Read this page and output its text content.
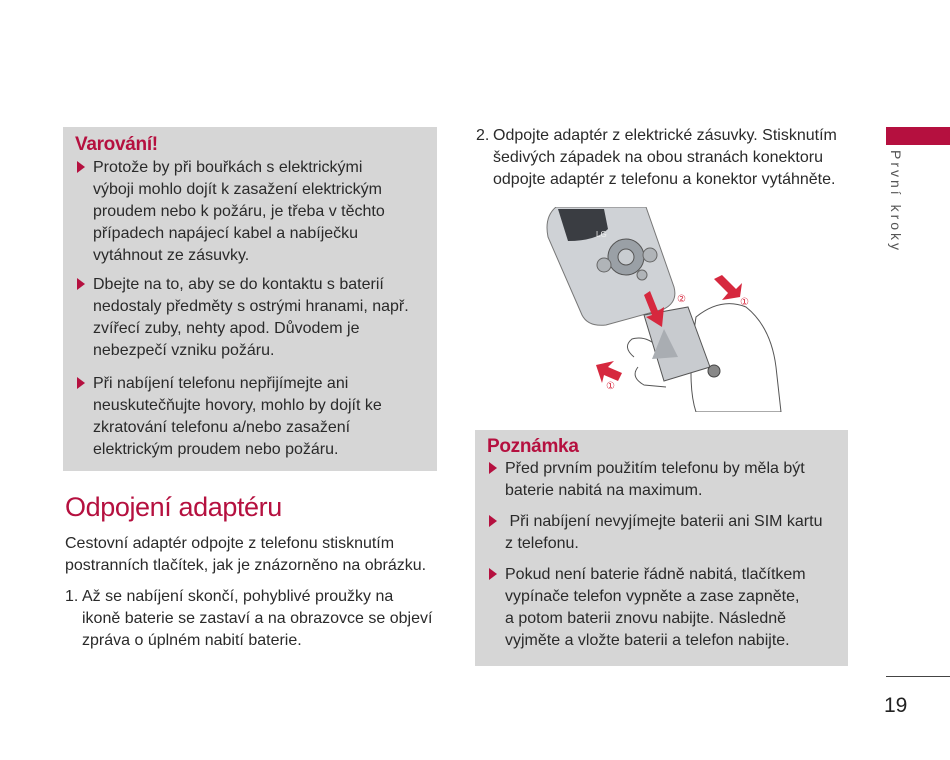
Varování!
Protože by při bouřkách s elektrickými
výboji mohlo dojít k zasažení elektrickým
proudem nebo k požáru, je třeba v těchto
případech napájecí kabel a nabíječku
vytáhnout ze zásuvky.
Dbejte na to, aby se do kontaktu s baterií
nedostaly předměty s ostrými hranami, např.
zvířecí zuby, nehty apod. Důvodem je
nebezpečí vzniku požáru.
Při nabíjení telefonu nepřijímejte ani
neuskutečňujte hovory, mohlo by dojít ke
zkratování telefonu a/nebo zasažení
elektrickým proudem nebo požáru.
Odpojení adaptéru
Cestovní adaptér odpojte z telefonu stisknutím
postranních tlačítek, jak je znázorněno na obrázku.
1. Až se nabíjení skončí, pohyblivé proužky na
ikoně baterie se zastaví a na obrazovce se objeví
zpráva o úplném nabití baterie.
2. Odpojte adaptér z elektrické zásuvky. Stisknutím
šedivých západek na obou stranách konektoru
odpojte adaptér z telefonu a konektor vytáhněte.
LG
②	①
①
Poznámka
Před prvním použitím telefonu by měla být
baterie nabitá na maximum.
Při nabíjení nevyjímejte baterii ani SIM kartu
z telefonu.
Pokud není baterie řádně nabitá, tlačítkem
vypínače telefon vypněte a zase zapněte,
a potom baterii znovu nabijte. Následně
vyjměte a vložte baterii a telefon nabijte.
První kroky
19
